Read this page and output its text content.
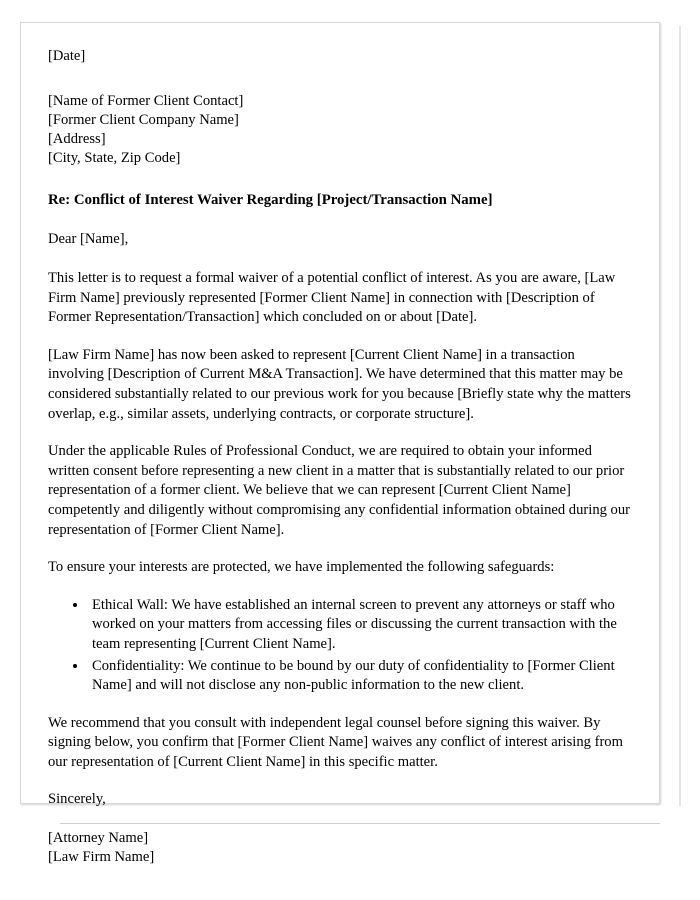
[Date]

[Name of Former Client Contact]

[Former Client Company Name]

[Address]

[City, State, Zip Code]

Re: Conflict of Interest Waiver Regarding [Project/Transaction Name]

Dear [Name],

This letter is to request a formal waiver of a potential conflict of interest. As you are aware, [Law Firm Name] previously represented [Former Client Name] in connection with [Description of Former Representation/Transaction] which concluded on or about [Date].

[Law Firm Name] has now been asked to represent [Current Client Name] in a transaction involving [Description of Current M&A Transaction]. We have determined that this matter may be considered substantially related to our previous work for you because [Briefly state why the matters overlap, e.g., similar assets, underlying contracts, or corporate structure].

Under the applicable Rules of Professional Conduct, we are required to obtain your informed written consent before representing a new client in a matter that is substantially related to our prior representation of a former client. We believe that we can represent [Current Client Name] competently and diligently without compromising any confidential information obtained during our representation of [Former Client Name].

To ensure your interests are protected, we have implemented the following safeguards:

• Ethical Wall: We have established an internal screen to prevent any attorneys or staff who worked on your matters from accessing files or discussing the current transaction with the team representing [Current Client Name].
• Confidentiality: We continue to be bound by our duty of confidentiality to [Former Client Name] and will not disclose any non-public information to the new client.

We recommend that you consult with independent legal counsel before signing this waiver. By signing below, you confirm that [Former Client Name] waives any conflict of interest arising from our representation of [Current Client Name] in this specific matter.

Sincerely,

[Attorney Name]

[Law Firm Name]
